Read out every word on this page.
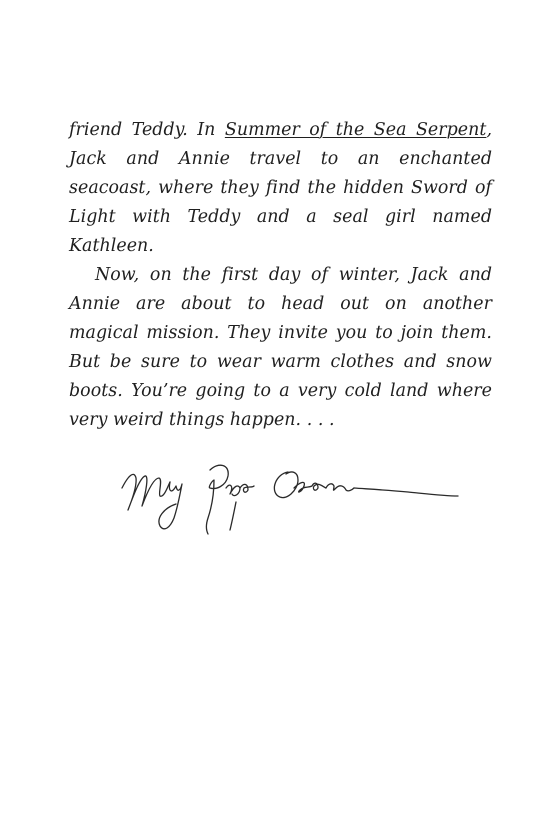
friend Teddy. In Summer of the Sea Serpent, Jack and Annie travel to an enchanted seacoast, where they find the hidden Sword of Light with Teddy and a seal girl named Kathleen.

Now, on the first day of winter, Jack and Annie are about to head out on another magical mission. They invite you to join them. But be sure to wear warm clothes and snow boots. You’re going to a very cold land where very weird things happen. . . .
